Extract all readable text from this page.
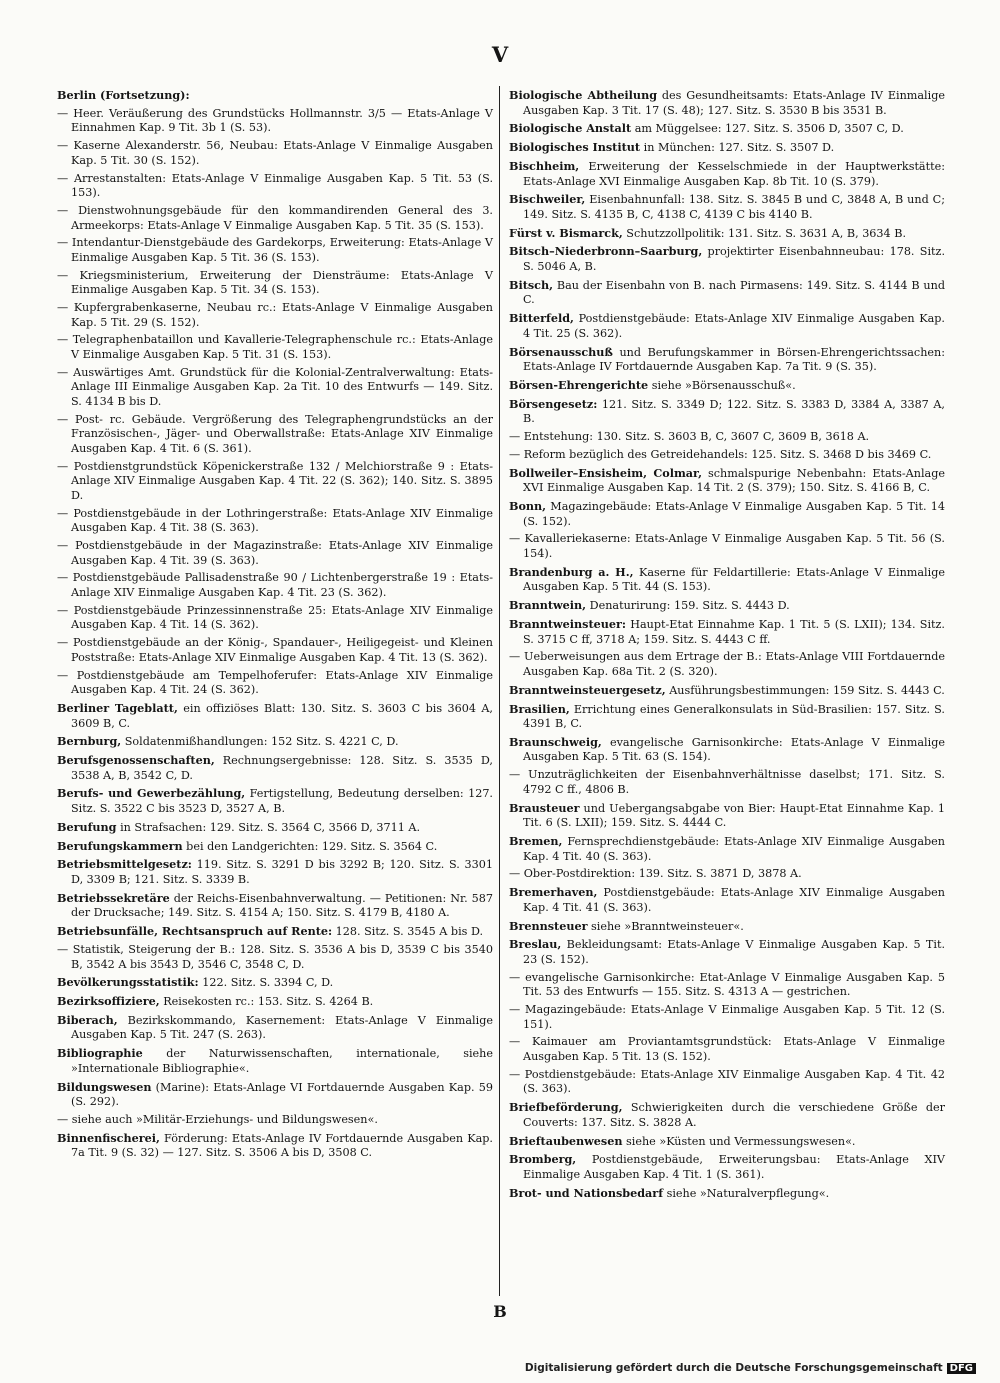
V
Berlin (Fortsetzung):
— Heer. Veräußerung des Grundstücks Hollmannstr. 3/5 — Etats-Anlage V Einnahmen Kap. 9 Tit. 3b 1 (S. 53).
— Kaserne Alexanderstr. 56, Neubau: Etats-Anlage V Einmalige Ausgaben Kap. 5 Tit. 30 (S. 152).
— Arrestanstalten: Etats-Anlage V Einmalige Ausgaben Kap. 5 Tit. 53 (S. 153).
— Dienstwohnungsgebäude für den kommandirenden General des 3. Armeekorps: Etats-Anlage V Einmalige Ausgaben Kap. 5 Tit. 35 (S. 153).
— Intendantur-Dienstgebäude des Gardekorps, Erweiterung: Etats-Anlage V Einmalige Ausgaben Kap. 5 Tit. 36 (S. 153).
— Kriegsministerium, Erweiterung der Diensträume: Etats-Anlage V Einmalige Ausgaben Kap. 5 Tit. 34 (S. 153).
— Kupfergrabenkaserne, Neubau rc.: Etats-Anlage V Einmalige Ausgaben Kap. 5 Tit. 29 (S. 152).
— Telegraphenbataillon und Kavallerie-Telegraphenschule rc.: Etats-Anlage V Einmalige Ausgaben Kap. 5 Tit. 31 (S. 153).
— Auswärtiges Amt. Grundstück für die Kolonial-Zentralverwaltung: Etats-Anlage III Einmalige Ausgaben Kap. 2a Tit. 10 des Entwurfs — 149. Sitz. S. 4134 B bis D.
— Post- rc. Gebäude. Vergrößerung des Telegraphengrundstücks an der Französischen-, Jäger- und Oberwallstraße: Etats-Anlage XIV Einmalige Ausgaben Kap. 4 Tit. 6 (S. 361).
— Postdienstgrundstück Köpenickerstraße 132 / Melchiorstraße 9 : Etats-Anlage XIV Einmalige Ausgaben Kap. 4 Tit. 22 (S. 362); 140. Sitz. S. 3895 D.
— Postdienstgebäude in der Lothringerstraße: Etats-Anlage XIV Einmalige Ausgaben Kap. 4 Tit. 38 (S. 363).
— Postdienstgebäude in der Magazinstraße: Etats-Anlage XIV Einmalige Ausgaben Kap. 4 Tit. 39 (S. 363).
— Postdienstgebäude Pallisadenstraße 90 / Lichtenbergerstraße 19 : Etats-Anlage XIV Einmalige Ausgaben Kap. 4 Tit. 23 (S. 362).
— Postdienstgebäude Prinzessinnenstraße 25: Etats-Anlage XIV Einmalige Ausgaben Kap. 4 Tit. 14 (S. 362).
— Postdienstgebäude an der König-, Spandauer-, Heiligegeist- und Kleinen Poststraße: Etats-Anlage XIV Einmalige Ausgaben Kap. 4 Tit. 13 (S. 362).
— Postdienstgebäude am Tempelhoferufer: Etats-Anlage XIV Einmalige Ausgaben Kap. 4 Tit. 24 (S. 362).
Berliner Tageblatt, ein offiziöses Blatt: 130. Sitz. S. 3603 C bis 3604 A, 3609 B, C.
Bernburg, Soldatenmißhandlungen: 152 Sitz. S. 4221 C, D.
Berufsgenossenschaften, Rechnungsergebnisse: 128. Sitz. S. 3535 D, 3538 A, B, 3542 C, D.
Berufs- und Gewerbezählung, Fertigstellung, Bedeutung derselben: 127. Sitz. S. 3522 C bis 3523 D, 3527 A, B.
Berufung in Strafsachen: 129. Sitz. S. 3564 C, 3566 D, 3711 A.
Berufungskammern bei den Landgerichten: 129. Sitz. S. 3564 C.
Betriebsmittelgesetz: 119. Sitz. S. 3291 D bis 3292 B; 120. Sitz. S. 3301 D, 3309 B; 121. Sitz. S. 3339 B.
Betriebssekretäre der Reichs-Eisenbahnverwaltung. — Petitionen: Nr. 587 der Drucksache; 149. Sitz. S. 4154 A; 150. Sitz. S. 4179 B, 4180 A.
Betriebsunfälle, Rechtsanspruch auf Rente: 128. Sitz. S. 3545 A bis D.
— Statistik, Steigerung der B.: 128. Sitz. S. 3536 A bis D, 3539 C bis 3540 B, 3542 A bis 3543 D, 3546 C, 3548 C, D.
Bevölkerungsstatistik: 122. Sitz. S. 3394 C, D.
Bezirksoffiziere, Reisekosten rc.: 153. Sitz. S. 4264 B.
Biberach, Bezirkskommando, Kasernement: Etats-Anlage V Einmalige Ausgaben Kap. 5 Tit. 247 (S. 263).
Bibliographie der Naturwissenschaften, internationale, siehe »Internationale Bibliographie«.
Bildungswesen (Marine): Etats-Anlage VI Fortdauernde Ausgaben Kap. 59 (S. 292).
— siehe auch »Militär-Erziehungs- und Bildungswesen«.
Binnenfischerei, Förderung: Etats-Anlage IV Fortdauernde Ausgaben Kap. 7a Tit. 9 (S. 32) — 127. Sitz. S. 3506 A bis D, 3508 C.
Biologische Abtheilung des Gesundheitsamts: Etats-Anlage IV Einmalige Ausgaben Kap. 3 Tit. 17 (S. 48); 127. Sitz. S. 3530 B bis 3531 B.
Biologische Anstalt am Müggelsee: 127. Sitz. S. 3506 D, 3507 C, D.
Biologisches Institut in München: 127. Sitz. S. 3507 D.
Bischheim, Erweiterung der Kesselschmiede in der Hauptwerkstätte: Etats-Anlage XVI Einmalige Ausgaben Kap. 8b Tit. 10 (S. 379).
Bischweiler, Eisenbahnunfall: 138. Sitz. S. 3845 B und C, 3848 A, B und C; 149. Sitz. S. 4135 B, C, 4138 C, 4139 C bis 4140 B.
Fürst v. Bismarck, Schutzzollpolitik: 131. Sitz. S. 3631 A, B, 3634 B.
Bitsch–Niederbronn–Saarburg, projektirter Eisenbahnneubau: 178. Sitz. S. 5046 A, B.
Bitsch, Bau der Eisenbahn von B. nach Pirmasens: 149. Sitz. S. 4144 B und C.
Bitterfeld, Postdienstgebäude: Etats-Anlage XIV Einmalige Ausgaben Kap. 4 Tit. 25 (S. 362).
Börsenausschuß und Berufungskammer in Börsen-Ehrengerichtssachen: Etats-Anlage IV Fortdauernde Ausgaben Kap. 7a Tit. 9 (S. 35).
Börsen-Ehrengerichte siehe »Börsenausschuß«.
Börsengesetz: 121. Sitz. S. 3349 D; 122. Sitz. S. 3383 D, 3384 A, 3387 A, B.
— Entstehung: 130. Sitz. S. 3603 B, C, 3607 C, 3609 B, 3618 A.
— Reform bezüglich des Getreidehandels: 125. Sitz. S. 3468 D bis 3469 C.
Bollweiler–Ensisheim, Colmar, schmalspurige Nebenbahn: Etats-Anlage XVI Einmalige Ausgaben Kap. 14 Tit. 2 (S. 379); 150. Sitz. S. 4166 B, C.
Bonn, Magazingebäude: Etats-Anlage V Einmalige Ausgaben Kap. 5 Tit. 14 (S. 152).
— Kavalleriekaserne: Etats-Anlage V Einmalige Ausgaben Kap. 5 Tit. 56 (S. 154).
Brandenburg a. H., Kaserne für Feldartillerie: Etats-Anlage V Einmalige Ausgaben Kap. 5 Tit. 44 (S. 153).
Branntwein, Denaturirung: 159. Sitz. S. 4443 D.
Branntweinsteuer: Haupt-Etat Einnahme Kap. 1 Tit. 5 (S. LXII); 134. Sitz. S. 3715 C ff, 3718 A; 159. Sitz. S. 4443 C ff.
— Ueberweisungen aus dem Ertrage der B.: Etats-Anlage VIII Fortdauernde Ausgaben Kap. 68a Tit. 2 (S. 320).
Branntweinsteuergesetz, Ausführungsbestimmungen: 159 Sitz. S. 4443 C.
Brasilien, Errichtung eines Generalkonsulats in Süd-Brasilien: 157. Sitz. S. 4391 B, C.
Braunschweig, evangelische Garnisonkirche: Etats-Anlage V Einmalige Ausgaben Kap. 5 Tit. 63 (S. 154).
— Unzuträglichkeiten der Eisenbahnverhältnisse daselbst; 171. Sitz. S. 4792 C ff., 4806 B.
Brausteuer und Uebergangsabgabe von Bier: Haupt-Etat Einnahme Kap. 1 Tit. 6 (S. LXII); 159. Sitz. S. 4444 C.
Bremen, Fernsprechdienstgebäude: Etats-Anlage XIV Einmalige Ausgaben Kap. 4 Tit. 40 (S. 363).
— Ober-Postdirektion: 139. Sitz. S. 3871 D, 3878 A.
Bremerhaven, Postdienstgebäude: Etats-Anlage XIV Einmalige Ausgaben Kap. 4 Tit. 41 (S. 363).
Brennsteuer siehe »Branntweinsteuer«.
Breslau, Bekleidungsamt: Etats-Anlage V Einmalige Ausgaben Kap. 5 Tit. 23 (S. 152).
— evangelische Garnisonkirche: Etat-Anlage V Einmalige Ausgaben Kap. 5 Tit. 53 des Entwurfs — 155. Sitz. S. 4313 A — gestrichen.
— Magazingebäude: Etats-Anlage V Einmalige Ausgaben Kap. 5 Tit. 12 (S. 151).
— Kaimauer am Proviantamtsgrundstück: Etats-Anlage V Einmalige Ausgaben Kap. 5 Tit. 13 (S. 152).
— Postdienstgebäude: Etats-Anlage XIV Einmalige Ausgaben Kap. 4 Tit. 42 (S. 363).
Briefbeförderung, Schwierigkeiten durch die verschiedene Größe der Couverts: 137. Sitz. S. 3828 A.
Brieftaubenwesen siehe »Küsten und Vermessungswesen«.
Bromberg, Postdienstgebäude, Erweiterungsbau: Etats-Anlage XIV Einmalige Ausgaben Kap. 4 Tit. 1 (S. 361).
Brot- und Nationsbedarf siehe »Naturalverpflegung«.
B
Digitalisierung gefördert durch die Deutsche Forschungsgemeinschaft DFG
